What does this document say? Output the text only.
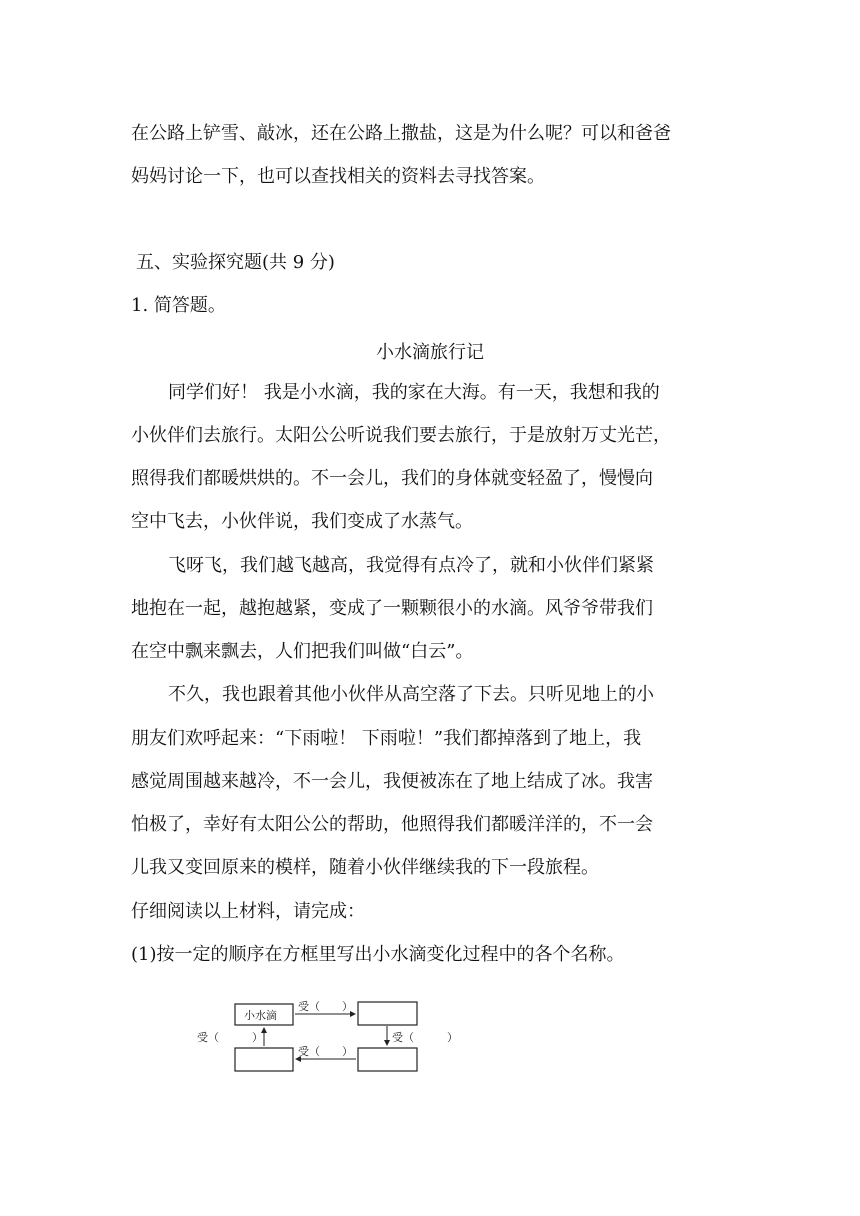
在公路上铲雪、敲冰，还在公路上撒盐，这是为什么呢？可以和爸爸
妈妈讨论一下，也可以查找相关的资料去寻找答案。
五、实验探究题(共 9 分)
1. 简答题。
小水滴旅行记
同学们好！ 我是小水滴，我的家在大海。有一天，我想和我的
小伙伴们去旅行。太阳公公听说我们要去旅行，于是放射万丈光芒，
照得我们都暖烘烘的。不一会儿，我们的身体就变轻盈了，慢慢向
空中飞去，小伙伴说，我们变成了水蒸气。
飞呀飞，我们越飞越高，我觉得有点冷了，就和小伙伴们紧紧
地抱在一起，越抱越紧，变成了一颗颗很小的水滴。风爷爷带我们
在空中飘来飘去，人们把我们叫做“白云”。
不久，我也跟着其他小伙伴从高空落了下去。只听见地上的小
朋友们欢呼起来：“下雨啦！ 下雨啦！”我们都掉落到了地上，我
感觉周围越来越冷，不一会儿，我便被冻在了地上结成了冰。我害
怕极了，幸好有太阳公公的帮助，他照得我们都暖洋洋的，不一会
儿我又变回原来的模样，随着小伙伴继续我的下一段旅程。
仔细阅读以上材料，请完成：
(1)按一定的顺序在方框里写出小水滴变化过程中的各个名称。
小水滴
受（　　）
受（　　　）
受（　　）
受（　　　）
